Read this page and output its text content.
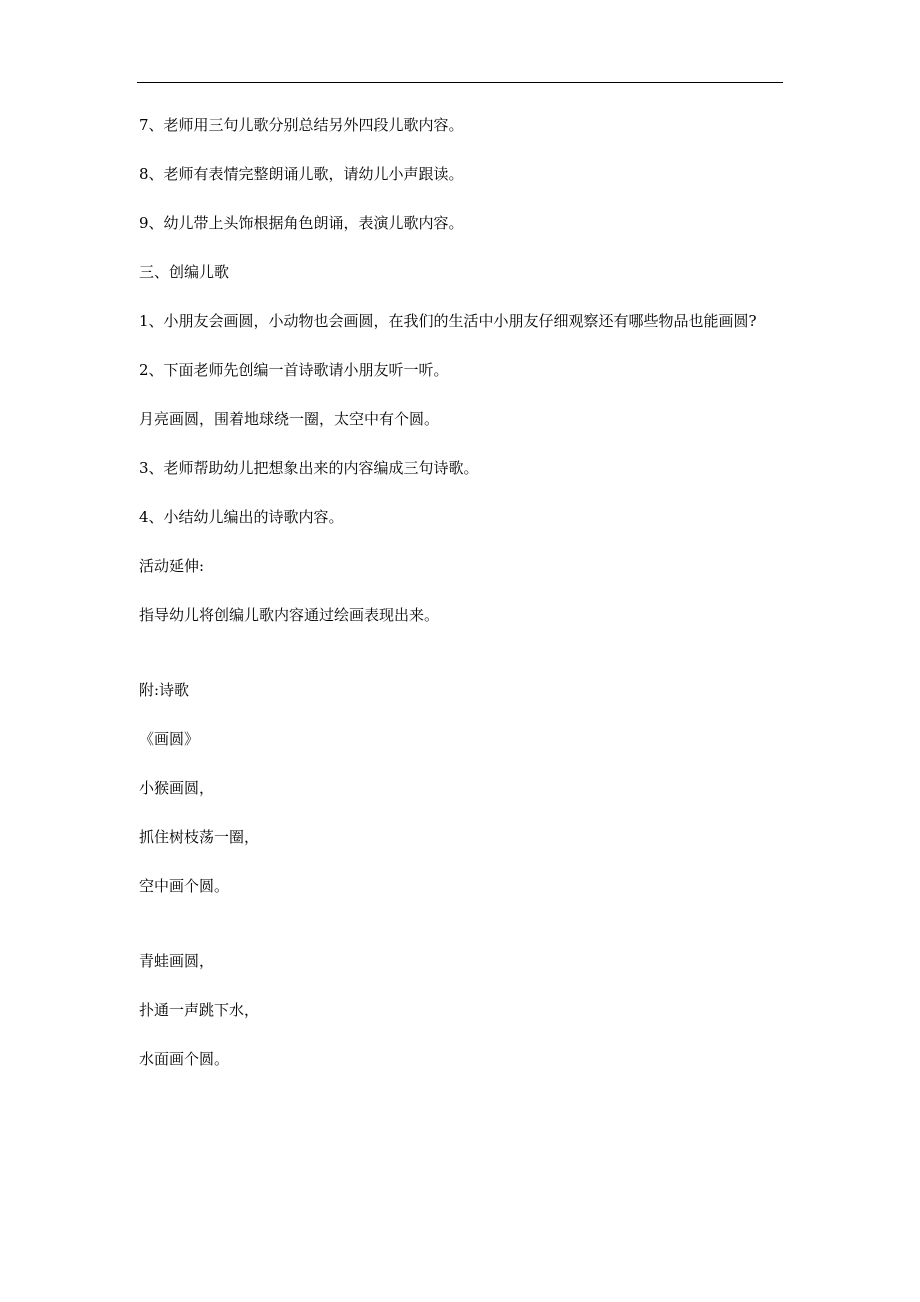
7、老师用三句儿歌分别总结另外四段儿歌内容。

8、老师有表情完整朗诵儿歌，请幼儿小声跟读。

9、幼儿带上头饰根据角色朗诵，表演儿歌内容。

三、创编儿歌

1、小朋友会画圆，小动物也会画圆，在我们的生活中小朋友仔细观察还有哪些物品也能画圆?

2、下面老师先创编一首诗歌请小朋友听一听。

月亮画圆，围着地球绕一圈，太空中有个圆。

3、老师帮助幼儿把想象出来的内容编成三句诗歌。

4、小结幼儿编出的诗歌内容。

活动延伸:

指导幼儿将创编儿歌内容通过绘画表现出来。

附:诗歌

《画圆》

小猴画圆，

抓住树枝荡一圈，

空中画个圆。

青蛙画圆，

扑通一声跳下水，

水面画个圆。
